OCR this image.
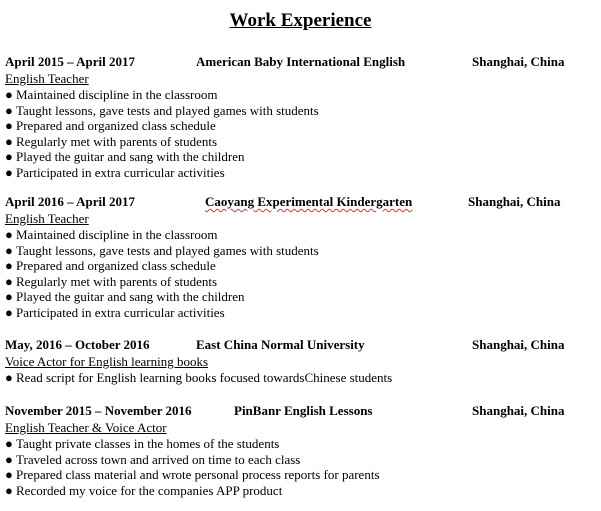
Work Experience
April 2015 – April 2017	American Baby International English	Shanghai, China
English Teacher
● Maintained discipline in the classroom
● Taught lessons, gave tests and played games with students
● Prepared and organized class schedule
● Regularly met with parents of students
● Played the guitar and sang with the children
● Participated in extra curricular activities
April 2016 – April 2017	Caoyang Experimental Kindergarten	Shanghai, China
English Teacher
● Maintained discipline in the classroom
● Taught lessons, gave tests and played games with students
● Prepared and organized class schedule
● Regularly met with parents of students
● Played the guitar and sang with the children
● Participated in extra curricular activities
May, 2016 – October 2016	East China Normal University	Shanghai, China
Voice Actor for English learning books
● Read script for English learning books focused towardsChinese students
November 2015 – November 2016	PinBanr English Lessons	Shanghai, China
English Teacher & Voice Actor
● Taught private classes in the homes of the students
● Traveled across town and arrived on time to each class
● Prepared class material and wrote personal process reports for parents
● Recorded my voice for the companies APP product
